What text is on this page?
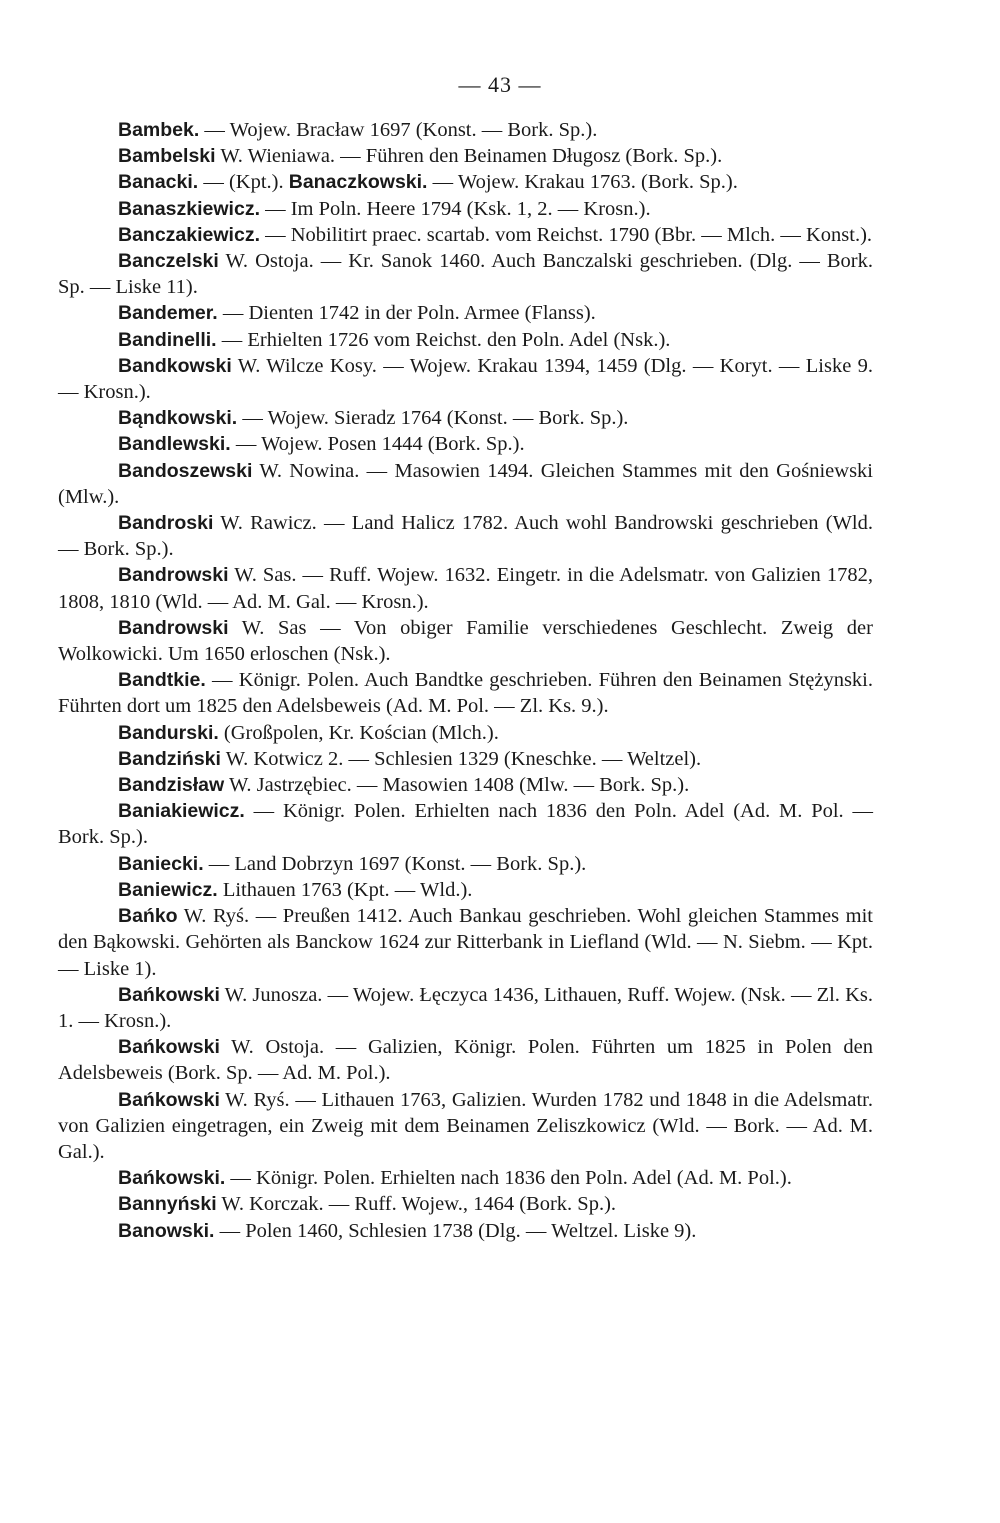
— 43 —

Bambek. — Wojew. Bracław 1697 (Konst. — Bork. Sp.).

Bambelski W. Wieniawa. — Führen den Beinamen Długosz (Bork. Sp.).

Banacki. — (Kpt.). Banaczkowski. — Wojew. Krakau 1763. (Bork. Sp.).

Banaszkiewicz. — Im Poln. Heere 1794 (Ksk. 1, 2. — Krosn.).

Banczakiewicz. — Nobilitirt praec. scartab. vom Reichst. 1790 (Bbr. — Mlch. — Konst.).

Banczelski W. Ostoja. — Kr. Sanok 1460. Auch Banczalski geschrieben. (Dlg. — Bork. Sp. — Liske 11).

Bandemer. — Dienten 1742 in der Poln. Armee (Flanss).

Bandinelli. — Erhielten 1726 vom Reichst. den Poln. Adel (Nsk.).

Bandkowski W. Wilcze Kosy. — Wojew. Krakau 1394, 1459 (Dlg. — Koryt. — Liske 9. — Krosn.).

Bąndkowski. — Wojew. Sieradz 1764 (Konst. — Bork. Sp.).

Bandlewski. — Wojew. Posen 1444 (Bork. Sp.).

Bandoszewski W. Nowina. — Masowien 1494. Gleichen Stammes mit den Gośniewski (Mlw.).

Bandroski W. Rawicz. — Land Halicz 1782. Auch wohl Bandrowski geschrieben (Wld. — Bork. Sp.).

Bandrowski W. Sas. — Ruff. Wojew. 1632. Eingetr. in die Adelsmatr. von Galizien 1782, 1808, 1810 (Wld. — Ad. M. Gal. — Krosn.).

Bandrowski W. Sas — Von obiger Familie verschiedenes Geschlecht. Zweig der Wolkowicki. Um 1650 erloschen (Nsk.).

Bandtkie. — Königr. Polen. Auch Bandtke geschrieben. Führen den Beinamen Stężynski. Führten dort um 1825 den Adelsbeweis (Ad. M. Pol. — Zl. Ks. 9.).

Bandurski. (Großpolen, Kr. Kościan (Mlch.).

Bandziński W. Kotwicz 2. — Schlesien 1329 (Kneschke. — Weltzel).

Bandzisław W. Jastrzębiec. — Masowien 1408 (Mlw. — Bork. Sp.).

Baniakiewicz. — Königr. Polen. Erhielten nach 1836 den Poln. Adel (Ad. M. Pol. — Bork. Sp.).

Baniecki. — Land Dobrzyn 1697 (Konst. — Bork. Sp.).

Baniewicz. Lithauen 1763 (Kpt. — Wld.).

Bańko W. Ryś. — Preußen 1412. Auch Bankau geschrieben. Wohl gleichen Stammes mit den Bąkowski. Gehörten als Banckow 1624 zur Ritterbank in Liefland (Wld. — N. Siebm. — Kpt. — Liske 1).

Bańkowski W. Junosza. — Wojew. Łęczyca 1436, Lithauen, Ruff. Wojew. (Nsk. — Zl. Ks. 1. — Krosn.).

Bańkowski W. Ostoja. — Galizien, Königr. Polen. Führten um 1825 in Polen den Adelsbeweis (Bork. Sp. — Ad. M. Pol.).

Bańkowski W. Ryś. — Lithauen 1763, Galizien. Wurden 1782 und 1848 in die Adelsmatr. von Galizien eingetragen, ein Zweig mit dem Beinamen Zeliszkowicz (Wld. — Bork. — Ad. M. Gal.).

Bańkowski. — Königr. Polen. Erhielten nach 1836 den Poln. Adel (Ad. M. Pol.).

Bannyński W. Korczak. — Ruff. Wojew., 1464 (Bork. Sp.).

Banowski. — Polen 1460, Schlesien 1738 (Dlg. — Weltzel. Liske 9).
